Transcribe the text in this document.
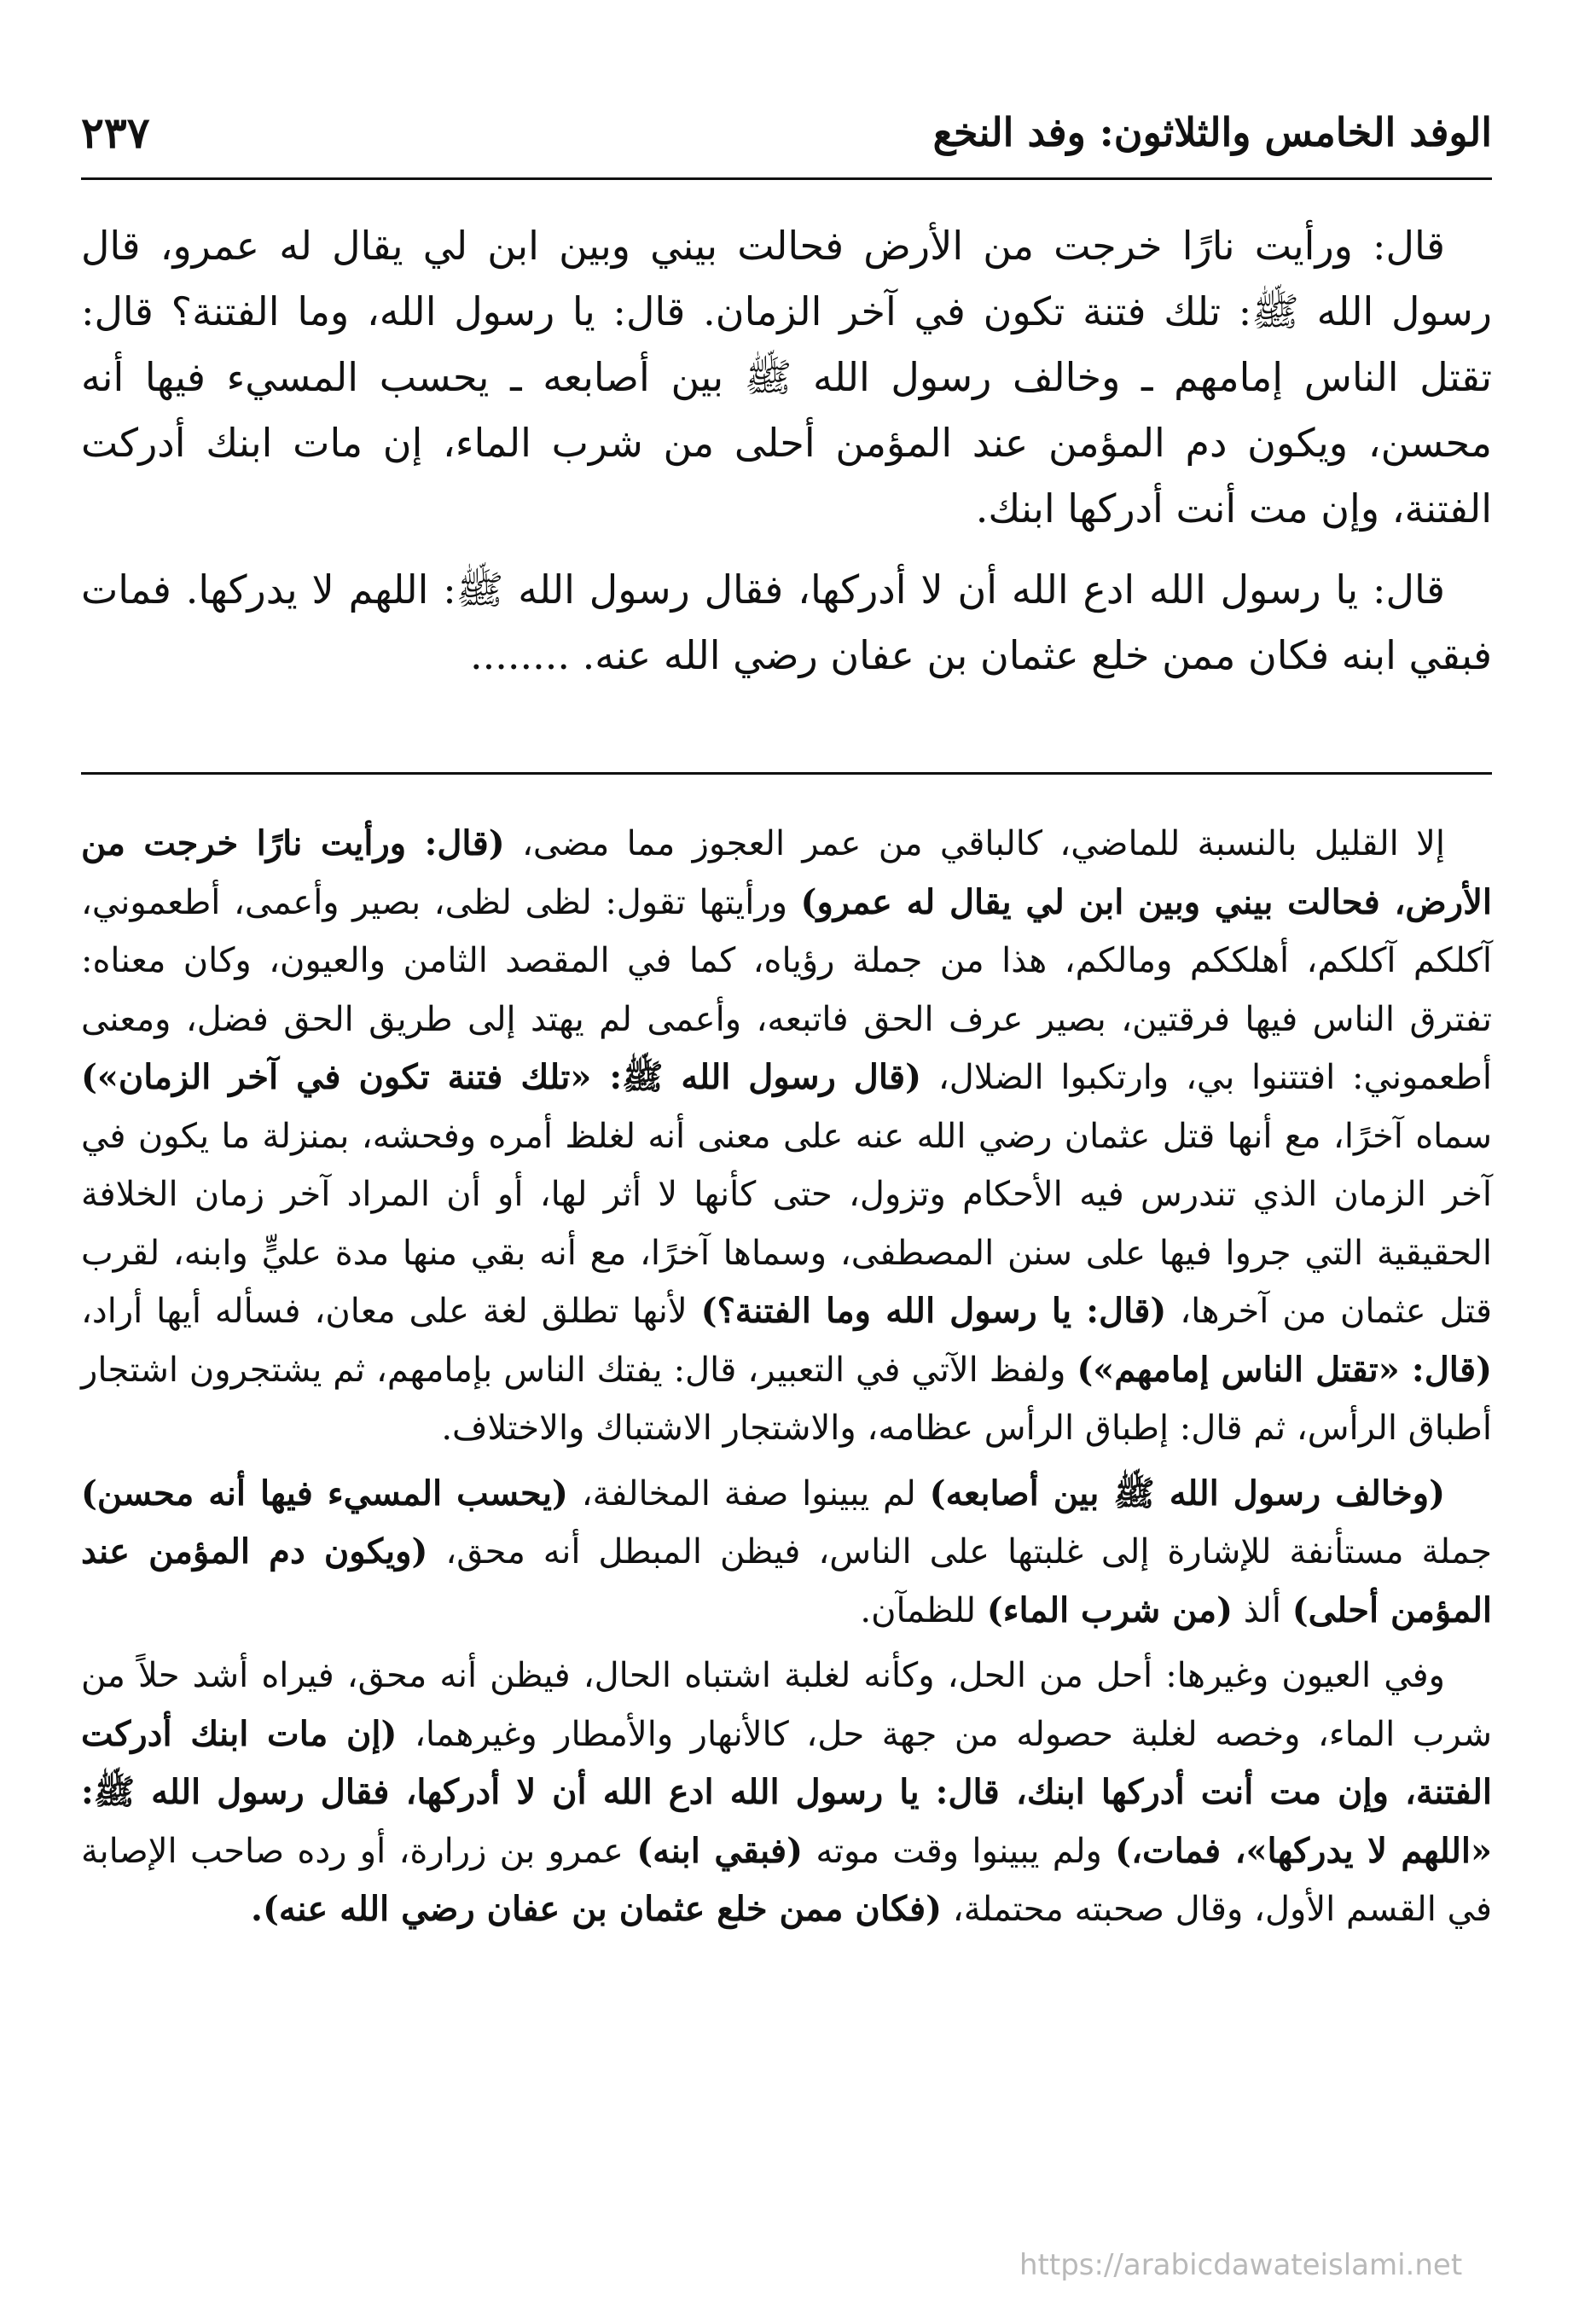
الوفد الخامس والثلاثون: وفد النخع
٢٣٧

قال: ورأيت نارًا خرجت من الأرض فحالت بيني وبين ابن لي يقال له عمرو، قال رسول الله ﷺ: تلك فتنة تكون في آخر الزمان. قال: يا رسول الله، وما الفتنة؟ قال: تقتل الناس إمامهم ـ وخالف رسول الله ﷺ بين أصابعه ـ يحسب المسيء فيها أنه محسن، ويكون دم المؤمن عند المؤمن أحلى من شرب الماء، إن مات ابنك أدركت الفتنة، وإن مت أنت أدركها ابنك.

قال: يا رسول الله ادع الله أن لا أدركها، فقال رسول الله ﷺ: اللهم لا يدركها. فمات فبقي ابنه فكان ممن خلع عثمان بن عفان رضي الله عنه. ........

إلا القليل بالنسبة للماضي، كالباقي من عمر العجوز مما مضى، (قال: ورأيت نارًا خرجت من الأرض، فحالت بيني وبين ابن لي يقال له عمرو) ورأيتها تقول: لظى لظى، بصير وأعمى، أطعموني، آكلكم آكلكم، أهلككم ومالكم، هذا من جملة رؤياه، كما في المقصد الثامن والعيون، وكان معناه: تفترق الناس فيها فرقتين، بصير عرف الحق فاتبعه، وأعمى لم يهتد إلى طريق الحق فضل، ومعنى أطعموني: افتتنوا بي، وارتكبوا الضلال، (قال رسول الله ﷺ: «تلك فتنة تكون في آخر الزمان») سماه آخرًا، مع أنها قتل عثمان رضي الله عنه على معنى أنه لغلظ أمره وفحشه، بمنزلة ما يكون في آخر الزمان الذي تندرس فيه الأحكام وتزول، حتى كأنها لا أثر لها، أو أن المراد آخر زمان الخلافة الحقيقية التي جروا فيها على سنن المصطفى، وسماها آخرًا، مع أنه بقي منها مدة عليٍّ وابنه، لقرب قتل عثمان من آخرها، (قال: يا رسول الله وما الفتنة؟) لأنها تطلق لغة على معان، فسأله أيها أراد، (قال: «تقتل الناس إمامهم») ولفظ الآتي في التعبير، قال: يفتك الناس بإمامهم، ثم يشتجرون اشتجار أطباق الرأس، ثم قال: إطباق الرأس عظامه، والاشتجار الاشتباك والاختلاف.

(وخالف رسول الله ﷺ بين أصابعه) لم يبينوا صفة المخالفة، (يحسب المسيء فيها أنه محسن) جملة مستأنفة للإشارة إلى غلبتها على الناس، فيظن المبطل أنه محق، (ويكون دم المؤمن عند المؤمن أحلى) ألذ (من شرب الماء) للظمآن.

وفي العيون وغيرها: أحل من الحل، وكأنه لغلبة اشتباه الحال، فيظن أنه محق، فيراه أشد حلاً من شرب الماء، وخصه لغلبة حصوله من جهة حل، كالأنهار والأمطار وغيرهما، (إن مات ابنك أدركت الفتنة، وإن مت أنت أدركها ابنك، قال: يا رسول الله ادع الله أن لا أدركها، فقال رسول الله ﷺ: «اللهم لا يدركها»، فمات،) ولم يبينوا وقت موته (فبقي ابنه) عمرو بن زرارة، أو رده صاحب الإصابة في القسم الأول، وقال صحبته محتملة، (فكان ممن خلع عثمان بن عفان رضي الله عنه).

https://arabicdawateislami.net
